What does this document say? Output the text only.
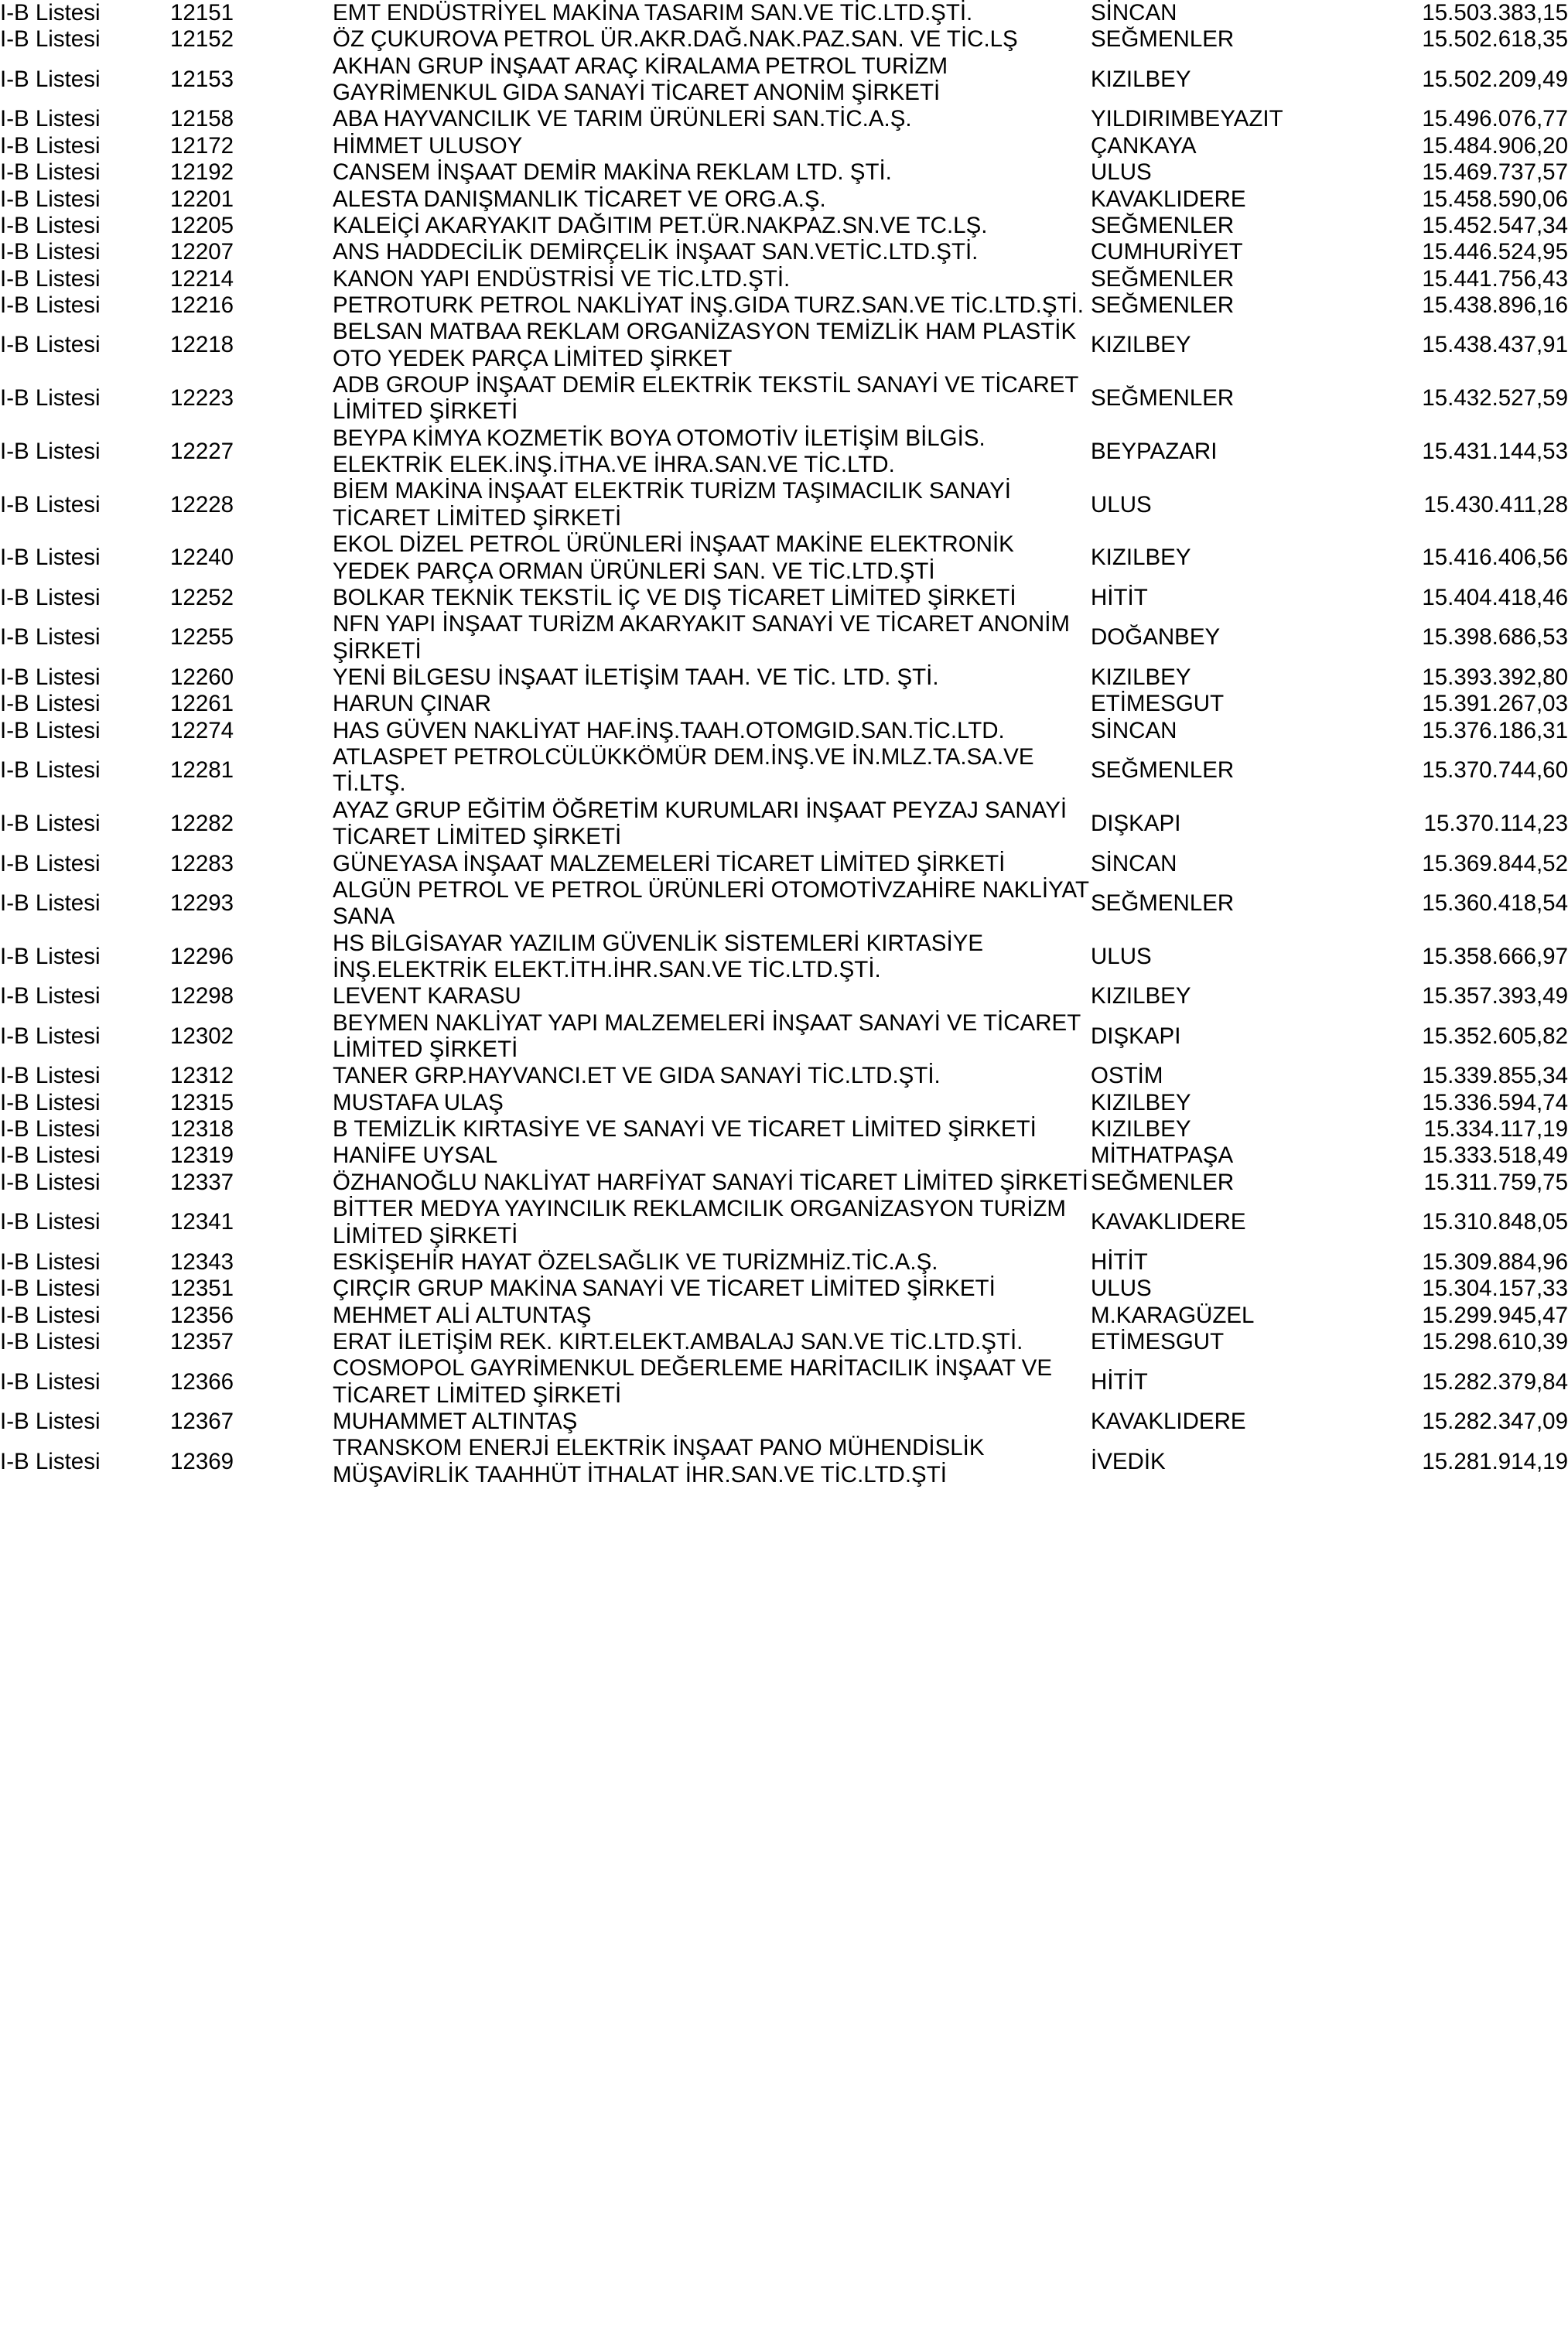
I-B Listesi	12151	EMT ENDÜSTRİYEL MAKİNA TASARIM SAN.VE TİC.LTD.ŞTİ.	SİNCAN	15.503.383,15
I-B Listesi	12152	ÖZ ÇUKUROVA PETROL ÜR.AKR.DAĞ.NAK.PAZ.SAN. VE TİC.LŞ	SEĞMENLER	15.502.618,35
I-B Listesi	12153	AKHAN GRUP İNŞAAT ARAÇ KİRALAMA PETROL TURİZM GAYRİMENKUL GIDA SANAYİ TİCARET ANONİM ŞİRKETİ	KIZILBEY	15.502.209,49
I-B Listesi	12158	ABA HAYVANCILIK VE TARIM ÜRÜNLERİ SAN.TİC.A.Ş.	YILDIRIMBEYAZIT	15.496.076,77
I-B Listesi	12172	HİMMET ULUSOY	ÇANKAYA	15.484.906,20
I-B Listesi	12192	CANSEM İNŞAAT DEMİR MAKİNA REKLAM LTD. ŞTİ.	ULUS	15.469.737,57
I-B Listesi	12201	ALESTA DANIŞMANLIK TİCARET VE ORG.A.Ş.	KAVAKLIDERE	15.458.590,06
I-B Listesi	12205	KALEİÇİ AKARYAKIT DAĞITIM PET.ÜR.NAKPAZ.SN.VE TC.LŞ.	SEĞMENLER	15.452.547,34
I-B Listesi	12207	ANS HADDECİLİK DEMİRÇELİK İNŞAAT SAN.VETİC.LTD.ŞTİ.	CUMHURİYET	15.446.524,95
I-B Listesi	12214	KANON YAPI ENDÜSTRİSİ VE TİC.LTD.ŞTİ.	SEĞMENLER	15.441.756,43
I-B Listesi	12216	PETROTURK PETROL NAKLİYAT İNŞ.GIDA TURZ.SAN.VE TİC.LTD.ŞTİ.	SEĞMENLER	15.438.896,16
I-B Listesi	12218	BELSAN MATBAA REKLAM ORGANİZASYON TEMİZLİK HAM PLASTİK OTO YEDEK PARÇA LİMİTED ŞİRKET	KIZILBEY	15.438.437,91
I-B Listesi	12223	ADB GROUP İNŞAAT DEMİR ELEKTRİK TEKSTİL SANAYİ VE TİCARET LİMİTED ŞİRKETİ	SEĞMENLER	15.432.527,59
I-B Listesi	12227	BEYPA KİMYA KOZMETİK BOYA OTOMOTİV İLETİŞİM BİLGİS. ELEKTRİK ELEK.İNŞ.İTHA.VE İHRA.SAN.VE TİC.LTD.	BEYPAZARI	15.431.144,53
I-B Listesi	12228	BİEM MAKİNA İNŞAAT ELEKTRİK TURİZM TAŞIMACILIK SANAYİ TİCARET LİMİTED ŞİRKETİ	ULUS	15.430.411,28
I-B Listesi	12240	EKOL DİZEL PETROL ÜRÜNLERİ İNŞAAT MAKİNE ELEKTRONİK YEDEK PARÇA ORMAN ÜRÜNLERİ SAN. VE TİC.LTD.ŞTİ	KIZILBEY	15.416.406,56
I-B Listesi	12252	BOLKAR TEKNİK TEKSTİL İÇ VE DIŞ TİCARET LİMİTED ŞİRKETİ	HİTİT	15.404.418,46
I-B Listesi	12255	NFN YAPI İNŞAAT TURİZM AKARYAKIT SANAYİ VE TİCARET ANONİM ŞİRKETİ	DOĞANBEY	15.398.686,53
I-B Listesi	12260	YENİ BİLGESU İNŞAAT İLETİŞİM TAAH. VE TİC. LTD. ŞTİ.	KIZILBEY	15.393.392,80
I-B Listesi	12261	HARUN ÇINAR	ETİMESGUT	15.391.267,03
I-B Listesi	12274	HAS GÜVEN NAKLİYAT HAF.İNŞ.TAAH.OTOMGID.SAN.TİC.LTD.	SİNCAN	15.376.186,31
I-B Listesi	12281	ATLASPET PETROLCÜLÜKKÖMÜR DEM.İNŞ.VE İN.MLZ.TA.SA.VE Tİ.LTŞ.	SEĞMENLER	15.370.744,60
I-B Listesi	12282	AYAZ GRUP EĞİTİM ÖĞRETİM KURUMLARI İNŞAAT PEYZAJ SANAYİ TİCARET LİMİTED ŞİRKETİ	DIŞKAPI	15.370.114,23
I-B Listesi	12283	GÜNEYASA İNŞAAT MALZEMELERİ TİCARET LİMİTED ŞİRKETİ	SİNCAN	15.369.844,52
I-B Listesi	12293	ALGÜN PETROL VE PETROL ÜRÜNLERİ OTOMOTİVZAHİRE NAKLİYAT SANA	SEĞMENLER	15.360.418,54
I-B Listesi	12296	HS BİLGİSAYAR YAZILIM GÜVENLİK SİSTEMLERİ KIRTASİYE İNŞ.ELEKTRİK ELEKT.İTH.İHR.SAN.VE TİC.LTD.ŞTİ.	ULUS	15.358.666,97
I-B Listesi	12298	LEVENT KARASU	KIZILBEY	15.357.393,49
I-B Listesi	12302	BEYMEN NAKLİYAT YAPI MALZEMELERİ İNŞAAT SANAYİ VE TİCARET LİMİTED ŞİRKETİ	DIŞKAPI	15.352.605,82
I-B Listesi	12312	TANER GRP.HAYVANCI.ET VE GIDA SANAYİ TİC.LTD.ŞTİ.	OSTİM	15.339.855,34
I-B Listesi	12315	MUSTAFA ULAŞ	KIZILBEY	15.336.594,74
I-B Listesi	12318	B TEMİZLİK KIRTASİYE VE SANAYİ VE TİCARET LİMİTED ŞİRKETİ	KIZILBEY	15.334.117,19
I-B Listesi	12319	HANİFE UYSAL	MİTHATPAŞA	15.333.518,49
I-B Listesi	12337	ÖZHANOĞLU NAKLİYAT HARFİYAT SANAYİ TİCARET LİMİTED ŞİRKETİ	SEĞMENLER	15.311.759,75
I-B Listesi	12341	BİTTER MEDYA YAYINCILIK REKLAMCILIK ORGANİZASYON TURİZM LİMİTED ŞİRKETİ	KAVAKLIDERE	15.310.848,05
I-B Listesi	12343	ESKİŞEHİR HAYAT ÖZELSAĞLIK VE TURİZMHİZ.TİC.A.Ş.	HİTİT	15.309.884,96
I-B Listesi	12351	ÇIRÇIR GRUP MAKİNA SANAYİ VE TİCARET LİMİTED ŞİRKETİ	ULUS	15.304.157,33
I-B Listesi	12356	MEHMET ALİ ALTUNTAŞ	M.KARAGÜZEL	15.299.945,47
I-B Listesi	12357	ERAT İLETİŞİM REK. KIRT.ELEKT.AMBALAJ SAN.VE TİC.LTD.ŞTİ.	ETİMESGUT	15.298.610,39
I-B Listesi	12366	COSMOPOL GAYRİMENKUL DEĞERLEME HARİTACILIK İNŞAAT VE TİCARET LİMİTED ŞİRKETİ	HİTİT	15.282.379,84
I-B Listesi	12367	MUHAMMET ALTINTAŞ	KAVAKLIDERE	15.282.347,09
I-B Listesi	12369	TRANSKOM ENERJİ ELEKTRİK İNŞAAT PANO MÜHENDİSLİK MÜŞAVİRLİK TAAHHÜT İTHALAT İHR.SAN.VE TİC.LTD.ŞTİ	İVEDİK	15.281.914,19
